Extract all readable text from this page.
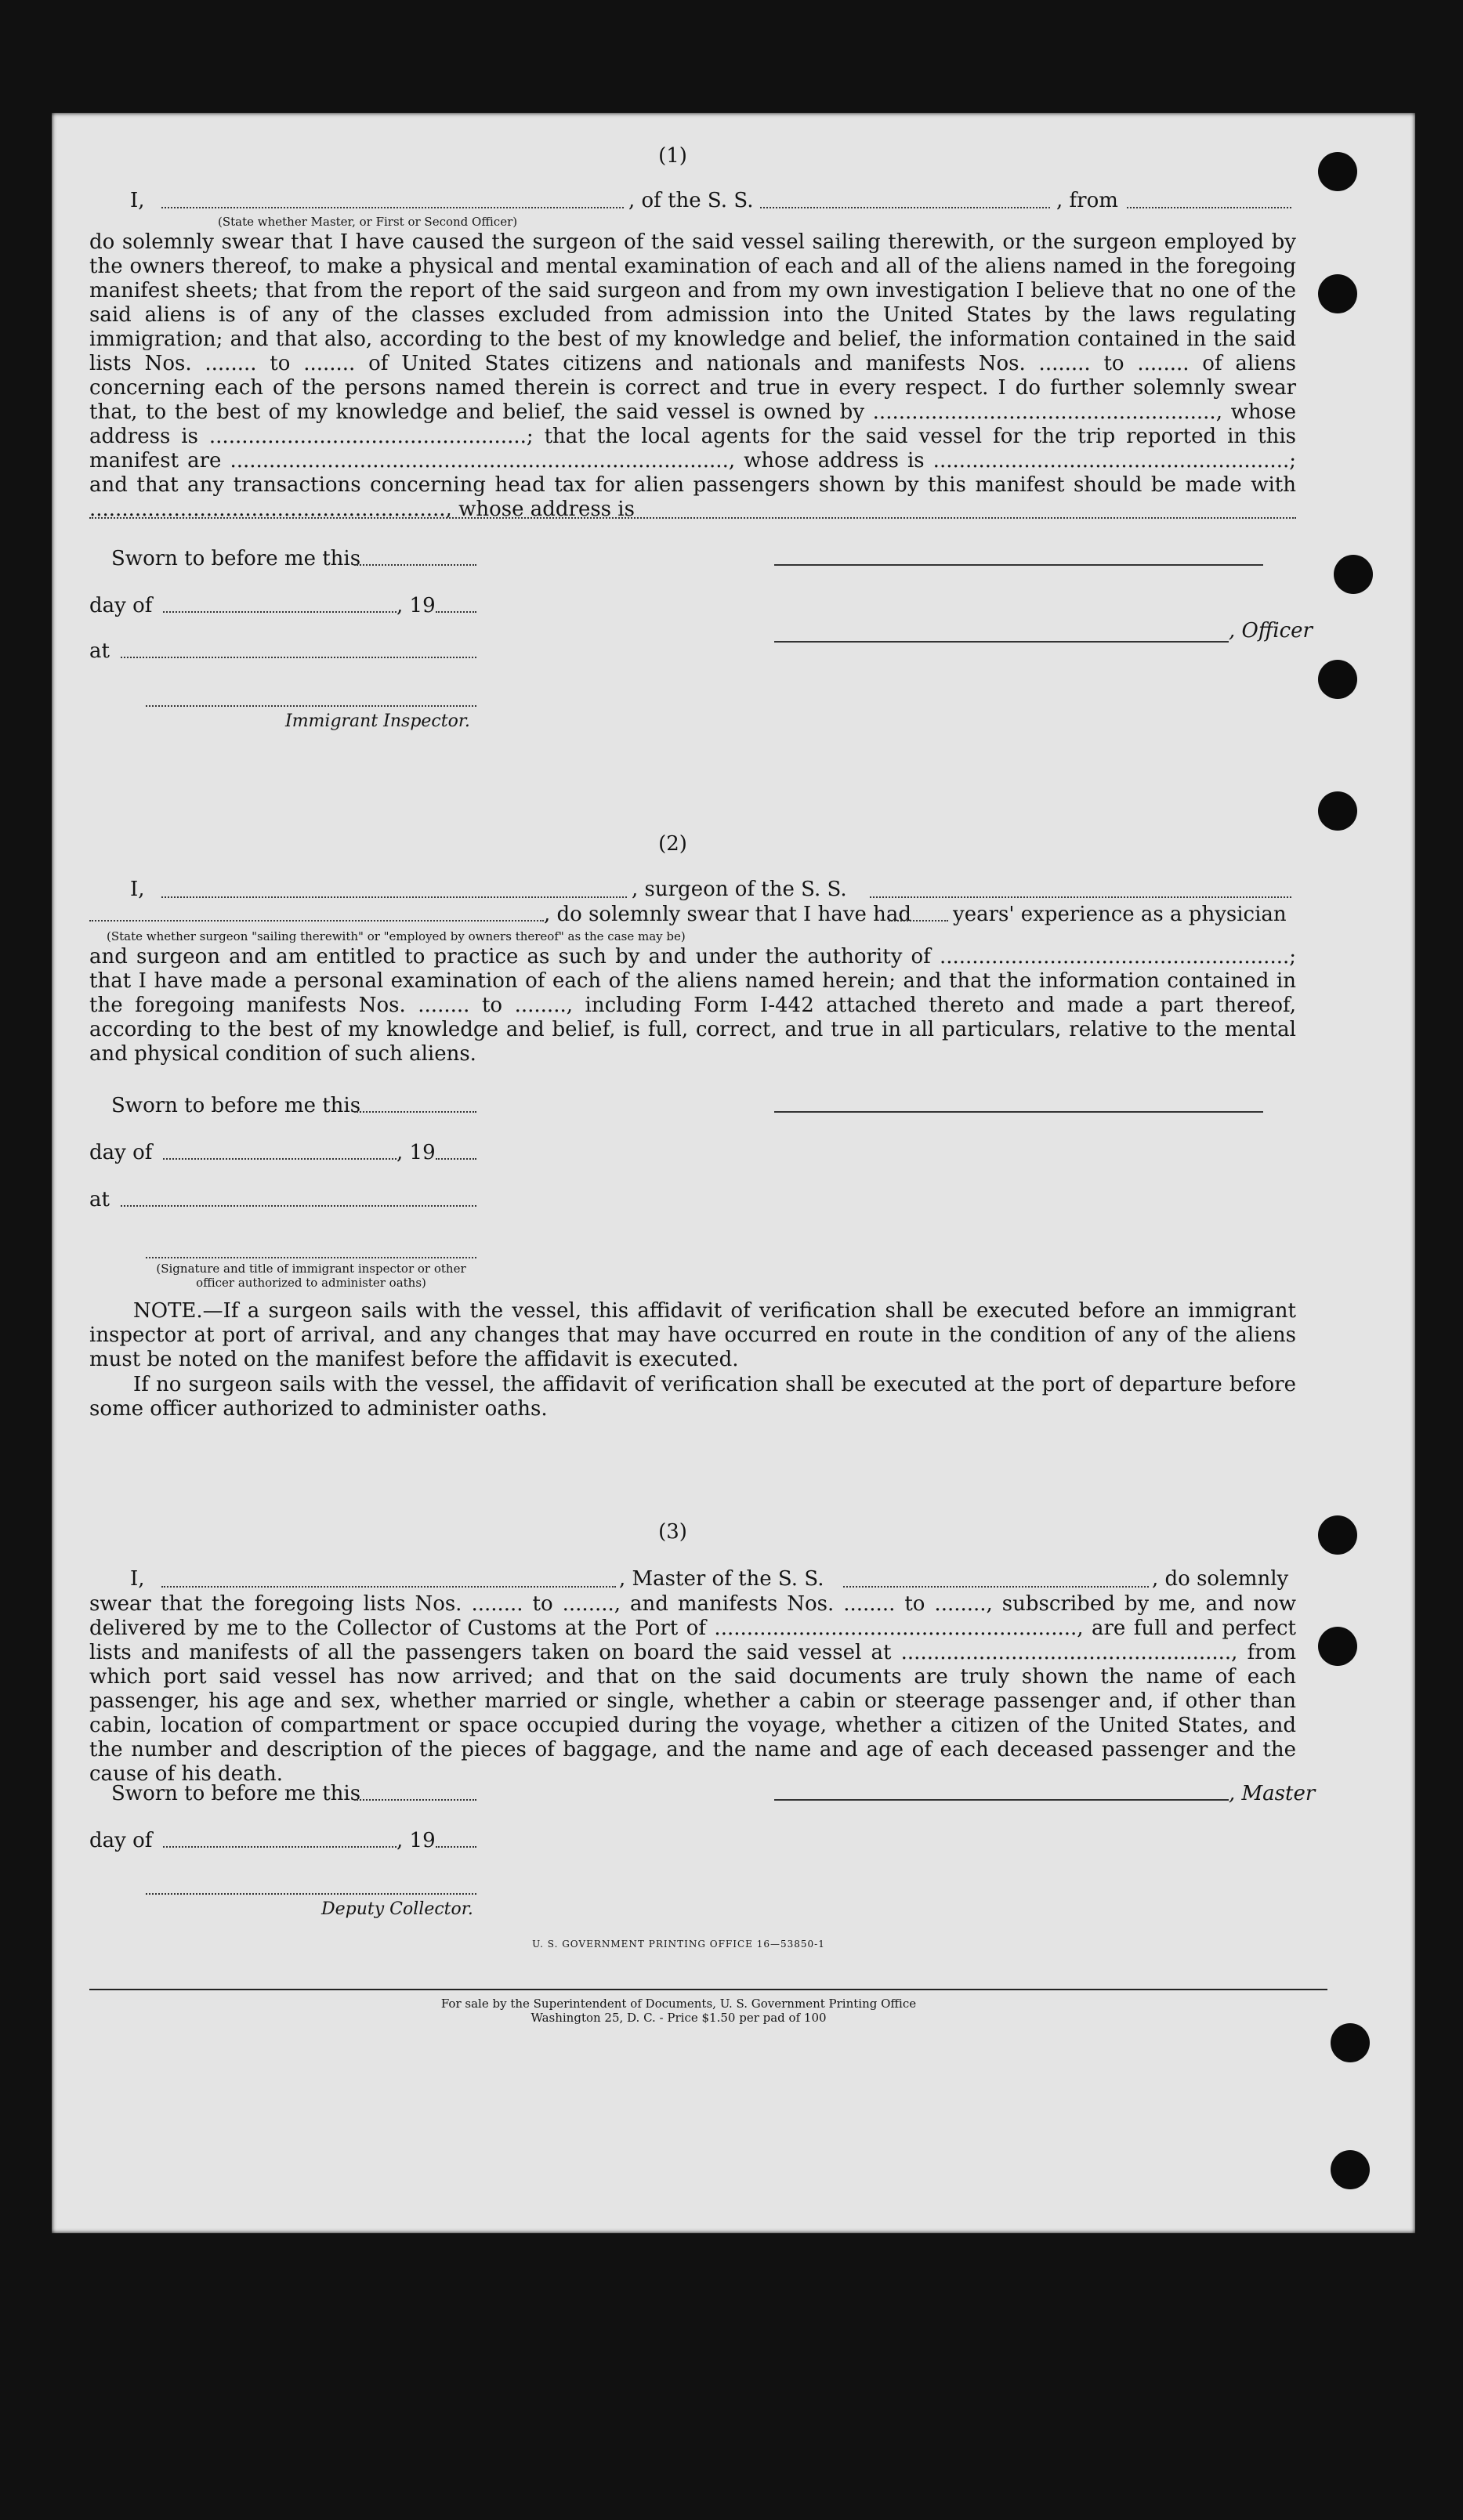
(1)
I,	, of the S. S.	, from
(State whether Master, or First or Second Officer)
do solemnly swear that I have caused the surgeon of the said vessel sailing therewith, or the surgeon employed by the owners thereof, to make a physical and mental examination of each and all of the aliens named in the foregoing manifest sheets; that from the report of the said surgeon and from my own investigation I believe that no one of the said aliens is of any of the classes excluded from admission into the United States by the laws regulating immigration; and that also, according to the best of my knowledge and belief, the information contained in the said lists Nos. ........ to ........ of United States citizens and nationals and manifests Nos. ........ to ........ of aliens concerning each of the persons named therein is correct and true in every respect. I do further solemnly swear that, to the best of my knowledge and belief, the said vessel is owned by ....................................................., whose address is .................................................; that the local agents for the said vessel for the trip reported in this manifest are ............................................................................., whose address is .......................................................; and that any transactions concerning head tax for alien passengers shown by this manifest should be made with ......................................................., whose address is
Sworn to before me this
day of	, 19
at
, Officer
Immigrant Inspector.
(2)
I,	, surgeon of the S. S.
, do solemnly swear that I have had years' experience as a physician
(State whether surgeon "sailing therewith" or "employed by owners thereof" as the case may be)
and surgeon and am entitled to practice as such by and under the authority of ......................................................; that I have made a personal examination of each of the aliens named herein; and that the information contained in the foregoing manifests Nos. ........ to ........, including Form I-442 attached thereto and made a part thereof, according to the best of my knowledge and belief, is full, correct, and true in all particulars, relative to the mental and physical condition of such aliens.
Sworn to before me this
day of	, 19
at
(Signature and title of immigrant inspector or other officer authorized to administer oaths)
NOTE.—If a surgeon sails with the vessel, this affidavit of verification shall be executed before an immigrant inspector at port of arrival, and any changes that may have occurred en route in the condition of any of the aliens must be noted on the manifest before the affidavit is executed.
If no surgeon sails with the vessel, the affidavit of verification shall be executed at the port of departure before some officer authorized to administer oaths.
(3)
I,	, Master of the S. S.	, do solemnly
swear that the foregoing lists Nos. ........ to ........, and manifests Nos. ........ to ........, subscribed by me, and now delivered by me to the Collector of Customs at the Port of ........................................................, are full and perfect lists and manifests of all the passengers taken on board the said vessel at ..................................................., from which port said vessel has now arrived; and that on the said documents are truly shown the name of each passenger, his age and sex, whether married or single, whether a cabin or steerage passenger and, if other than cabin, location of compartment or space occupied during the voyage, whether a citizen of the United States, and the number and description of the pieces of baggage, and the name and age of each deceased passenger and the cause of his death.
Sworn to before me this	, Master
day of	, 19
Deputy Collector.
U. S. GOVERNMENT PRINTING OFFICE 16—53850-1
For sale by the Superintendent of Documents, U. S. Government Printing Office
Washington 25, D. C. - Price $1.50 per pad of 100
